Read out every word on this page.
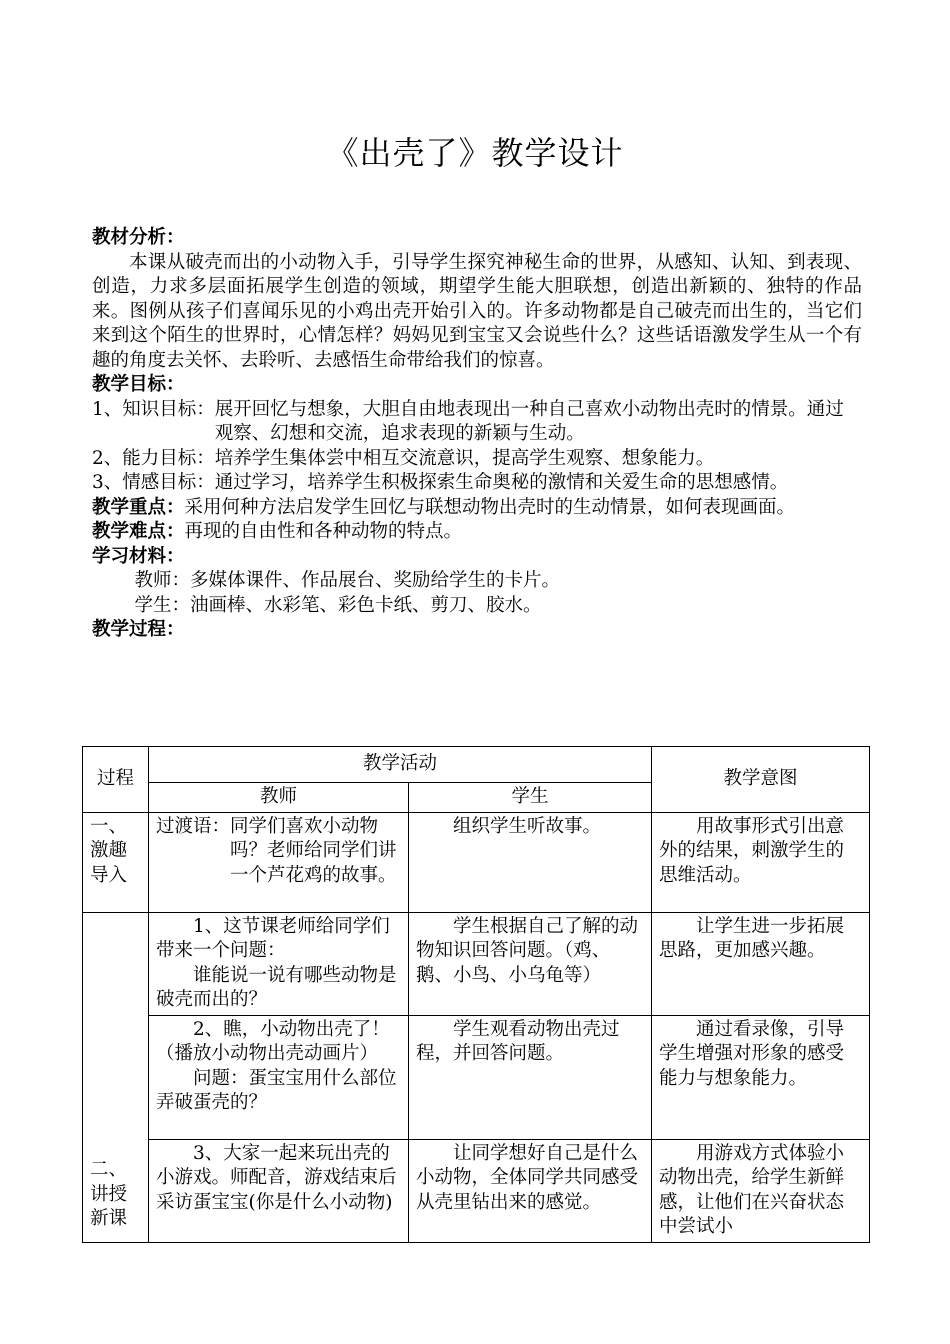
《出壳了》教学设计
教材分析：
本课从破壳而出的小动物入手，引导学生探究神秘生命的世界，从感知、认知、到表现、创造，力求多层面拓展学生创造的领域，期望学生能大胆联想，创造出新颖的、独特的作品来。图例从孩子们喜闻乐见的小鸡出壳开始引入的。许多动物都是自己破壳而出生的，当它们来到这个陌生的世界时，心情怎样？妈妈见到宝宝又会说些什么？这些话语激发学生从一个有趣的角度去关怀、去聆听、去感悟生命带给我们的惊喜。
教学目标：
1、知识目标： 展开回忆与想象，大胆自由地表现出一种自己喜欢小动物出壳时的情景。通过观察、幻想和交流，追求表现的新颖与生动。
2、能力目标： 培养学生集体尝中相互交流意识，提高学生观察、想象能力。
3、情感目标： 通过学习，培养学生积极探索生命奥秘的激情和关爱生命的思想感情。
教学重点： 采用何种方法启发学生回忆与联想动物出壳时的生动情景，如何表现画面。
教学难点： 再现的自由性和各种动物的特点。
学习材料：
教师：多媒体课件、作品展台、奖励给学生的卡片。
学生：油画棒、水彩笔、彩色卡纸、剪刀、胶水。
教学过程：
过程	教学活动		教学意图
	教师	学生	
一、激趣导入	过渡语： 同学们喜欢小动物吗？老师给同学们讲一个芦花鸡的故事。	组织学生听故事。	用故事形式引出意外的结果，刺激学生的思维活动。
二、讲授新课	1、这节课老师给同学们带来一个问题：
谁能说一说有哪些动物是破壳而出的？	学生根据自己了解的动物知识回答问题。（鸡、鹅、小鸟、小乌龟等）	让学生进一步拓展思路，更加感兴趣。

	2、瞧，小动物出壳了！（播放小动物出壳动画片）
问题：蛋宝宝用什么部位弄破蛋壳的？	学生观看动物出壳过程，并回答问题。	通过看录像，引导学生增强对形象的感受能力与想象能力。
	3、大家一起来玩出壳的小游戏。师配音，游戏结束后采访蛋宝宝(你是什么小动物)	让同学想好自己是什么小动物，全体同学共同感受从壳里钻出来的感觉。	用游戏方式体验小动物出壳，给学生新鲜感，让他们在兴奋状态中尝试小
